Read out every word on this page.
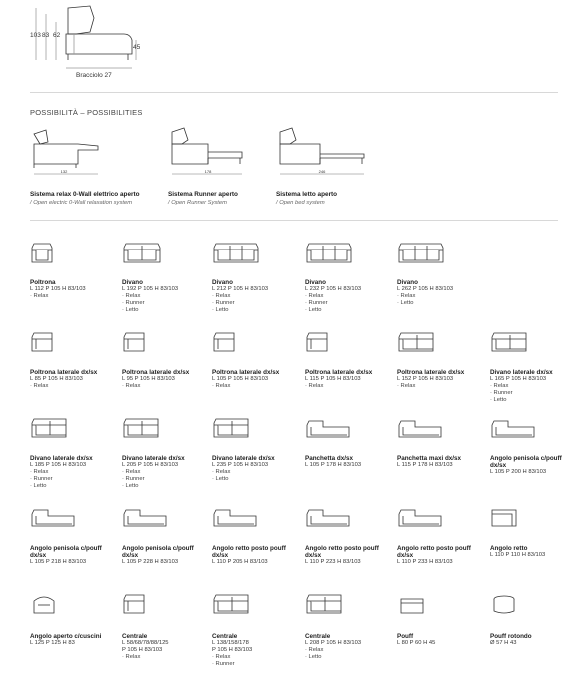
103 83 62
45
Bracciolo 27
POSSIBILITÀ – POSSIBILITIES
132
Sistema relax 0-Wall elettrico aperto
/ Open electric 0-Wall relaxation system
178
Sistema Runner aperto
/ Open Runner System
246
Sistema letto aperto
/ Open bed system
Poltrona
L 112 P 105 H 83/103
· Relax
Divano
L 192 P 105 H 83/103
· Relax
· Runner
· Letto
Divano
L 212 P 105 H 83/103
· Relax
· Runner
· Letto
Divano
L 232 P 105 H 83/103
· Relax
· Runner
· Letto
Divano
L 262 P 105 H 83/103
· Relax
· Letto
Poltrona laterale dx/sx
L 85 P 105 H 83/103
· Relax
Poltrona laterale dx/sx
L 95 P 105 H 83/103
· Relax
Poltrona laterale dx/sx
L 105 P 105 H 83/103
· Relax
Poltrona laterale dx/sx
L 115 P 105 H 83/103
· Relax
Poltrona laterale dx/sx
L 152 P 105 H 83/103
· Relax
Divano laterale dx/sx
L 165 P 105 H 83/103
· Relax
· Runner
· Letto
Divano laterale dx/sx
L 185 P 105 H 83/103
· Relax
· Runner
· Letto
Divano laterale dx/sx
L 205 P 105 H 83/103
· Relax
· Runner
· Letto
Divano laterale dx/sx
L 235 P 105 H 83/103
· Relax
· Letto
Panchetta dx/sx
L 105 P 178 H 83/103
Panchetta maxi dx/sx
L 115 P 178 H 83/103
Angolo penisola c/pouff dx/sx
L 105 P 200 H 83/103
Angolo penisola c/pouff dx/sx
L 105 P 218 H 83/103
Angolo penisola c/pouff dx/sx
L 105 P 228 H 83/103
Angolo retto posto pouff dx/sx
L 110 P 205 H 83/103
Angolo retto posto pouff dx/sx
L 110 P 223 H 83/103
Angolo retto posto pouff dx/sx
L 110 P 233 H 83/103
Angolo retto
L 110 P 110 H 83/103
Angolo aperto c/cuscini
L 125 P 125 H 83
Centrale
L 58/68/78/88/125
P 105 H 83/103
· Relax
Centrale
L 138/158/178
P 105 H 83/103
· Relax
· Runner
Centrale
L 208 P 105 H 83/103
· Relax
· Letto
Pouff
L 80 P 60 H 45
Pouff rotondo
Ø 57 H 43
